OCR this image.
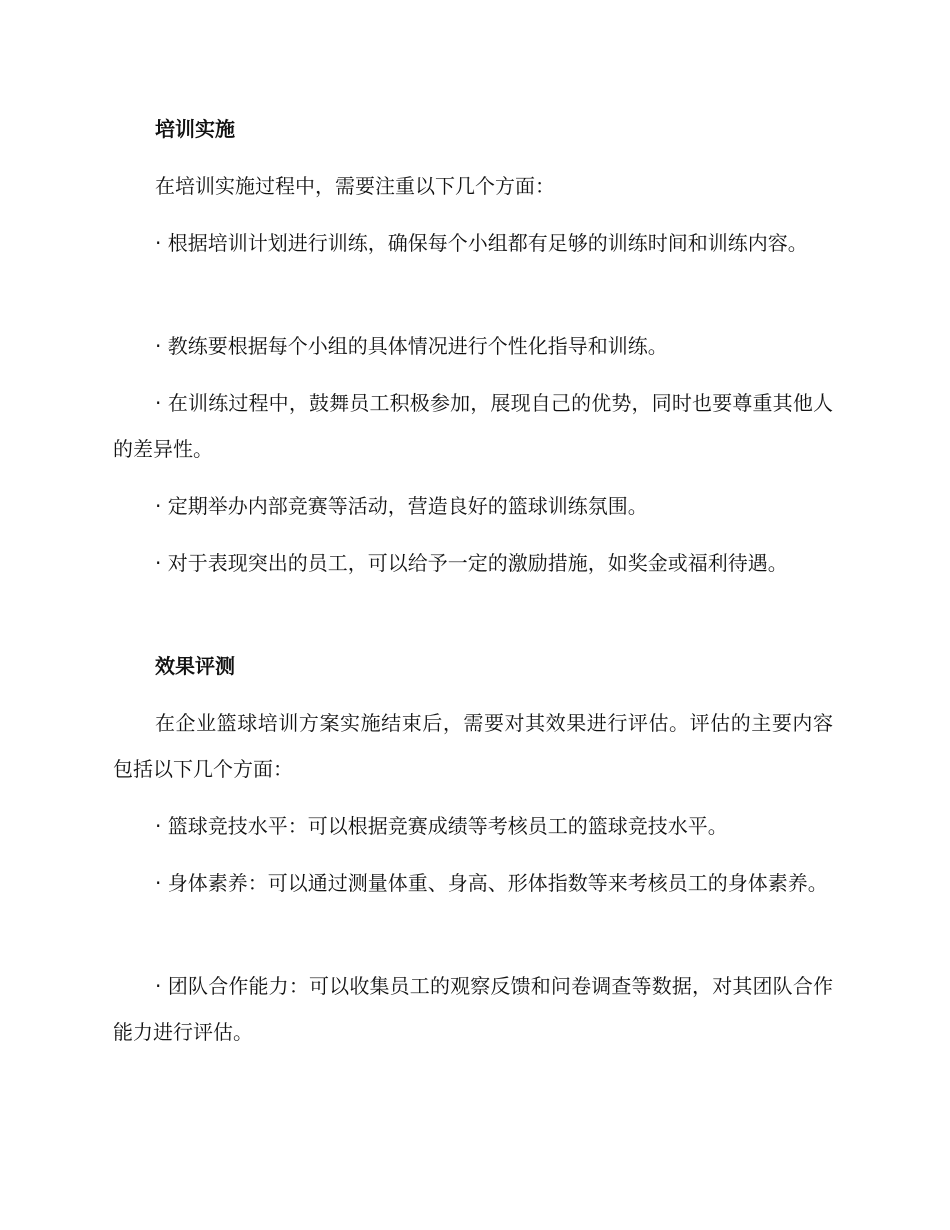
培训实施

在培训实施过程中，需要注重以下几个方面：

· 根据培训计划进行训练，确保每个小组都有足够的训练时间和训练内容。

· 教练要根据每个小组的具体情况进行个性化指导和训练。

· 在训练过程中，鼓舞员工积极参加，展现自己的优势，同时也要尊重其他人的差异性。

· 定期举办内部竞赛等活动，营造良好的篮球训练氛围。

· 对于表现突出的员工，可以给予一定的激励措施，如奖金或福利待遇。

效果评测

在企业篮球培训方案实施结束后，需要对其效果进行评估。评估的主要内容包括以下几个方面：

· 篮球竞技水平：可以根据竞赛成绩等考核员工的篮球竞技水平。

· 身体素养：可以通过测量体重、身高、形体指数等来考核员工的身体素养。

· 团队合作能力：可以收集员工的观察反馈和问卷调查等数据，对其团队合作能力进行评估。
